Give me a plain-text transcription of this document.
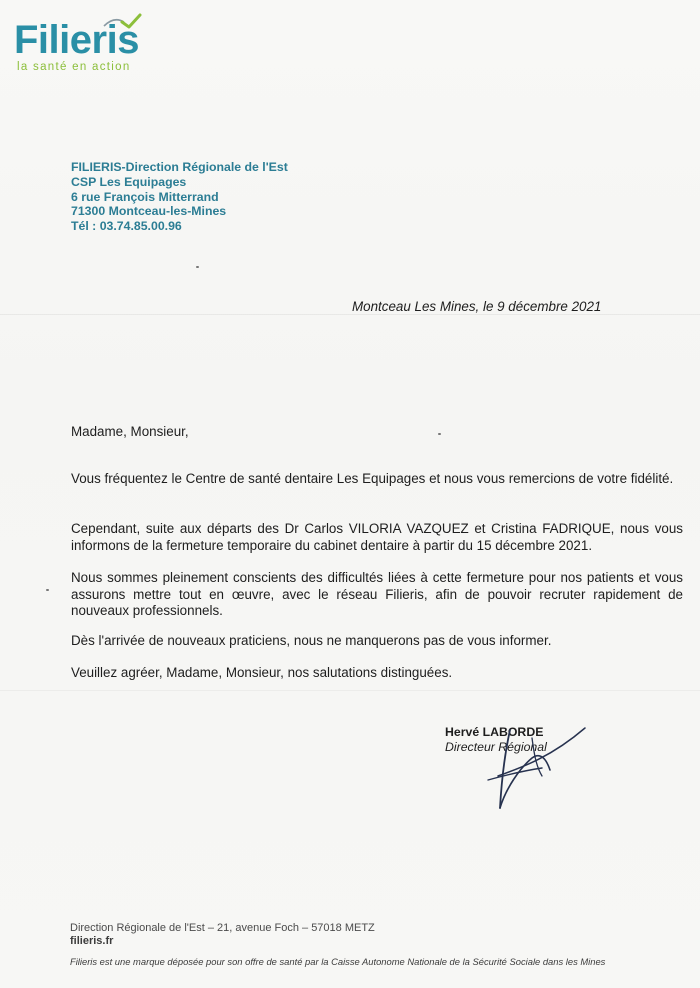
Filieris
la santé en action
FILIERIS-Direction Régionale de l'Est
CSP Les Equipages
6 rue François Mitterrand
71300 Montceau-les-Mines
Tél : 03.74.85.00.96
Montceau Les Mines, le 9 décembre 2021
Madame, Monsieur,
Vous fréquentez le Centre de santé dentaire Les Equipages et nous vous remercions de votre fidélité.
Cependant, suite aux départs des Dr Carlos VILORIA VAZQUEZ et Cristina FADRIQUE, nous vous informons de la fermeture temporaire du cabinet dentaire à partir du 15 décembre 2021.
Nous sommes pleinement conscients des difficultés liées à cette fermeture pour nos patients et vous assurons mettre tout en œuvre, avec le réseau Filieris, afin de pouvoir recruter rapidement de nouveaux professionnels.
Dès l'arrivée de nouveaux praticiens, nous ne manquerons pas de vous informer.
Veuillez agréer, Madame, Monsieur, nos salutations distinguées.
Hervé LABORDE
Directeur Régional
Direction Régionale de l'Est – 21, avenue Foch – 57018 METZ
filieris.fr
Filieris est une marque déposée pour son offre de santé par la Caisse Autonome Nationale de la Sécurité Sociale dans les Mines
